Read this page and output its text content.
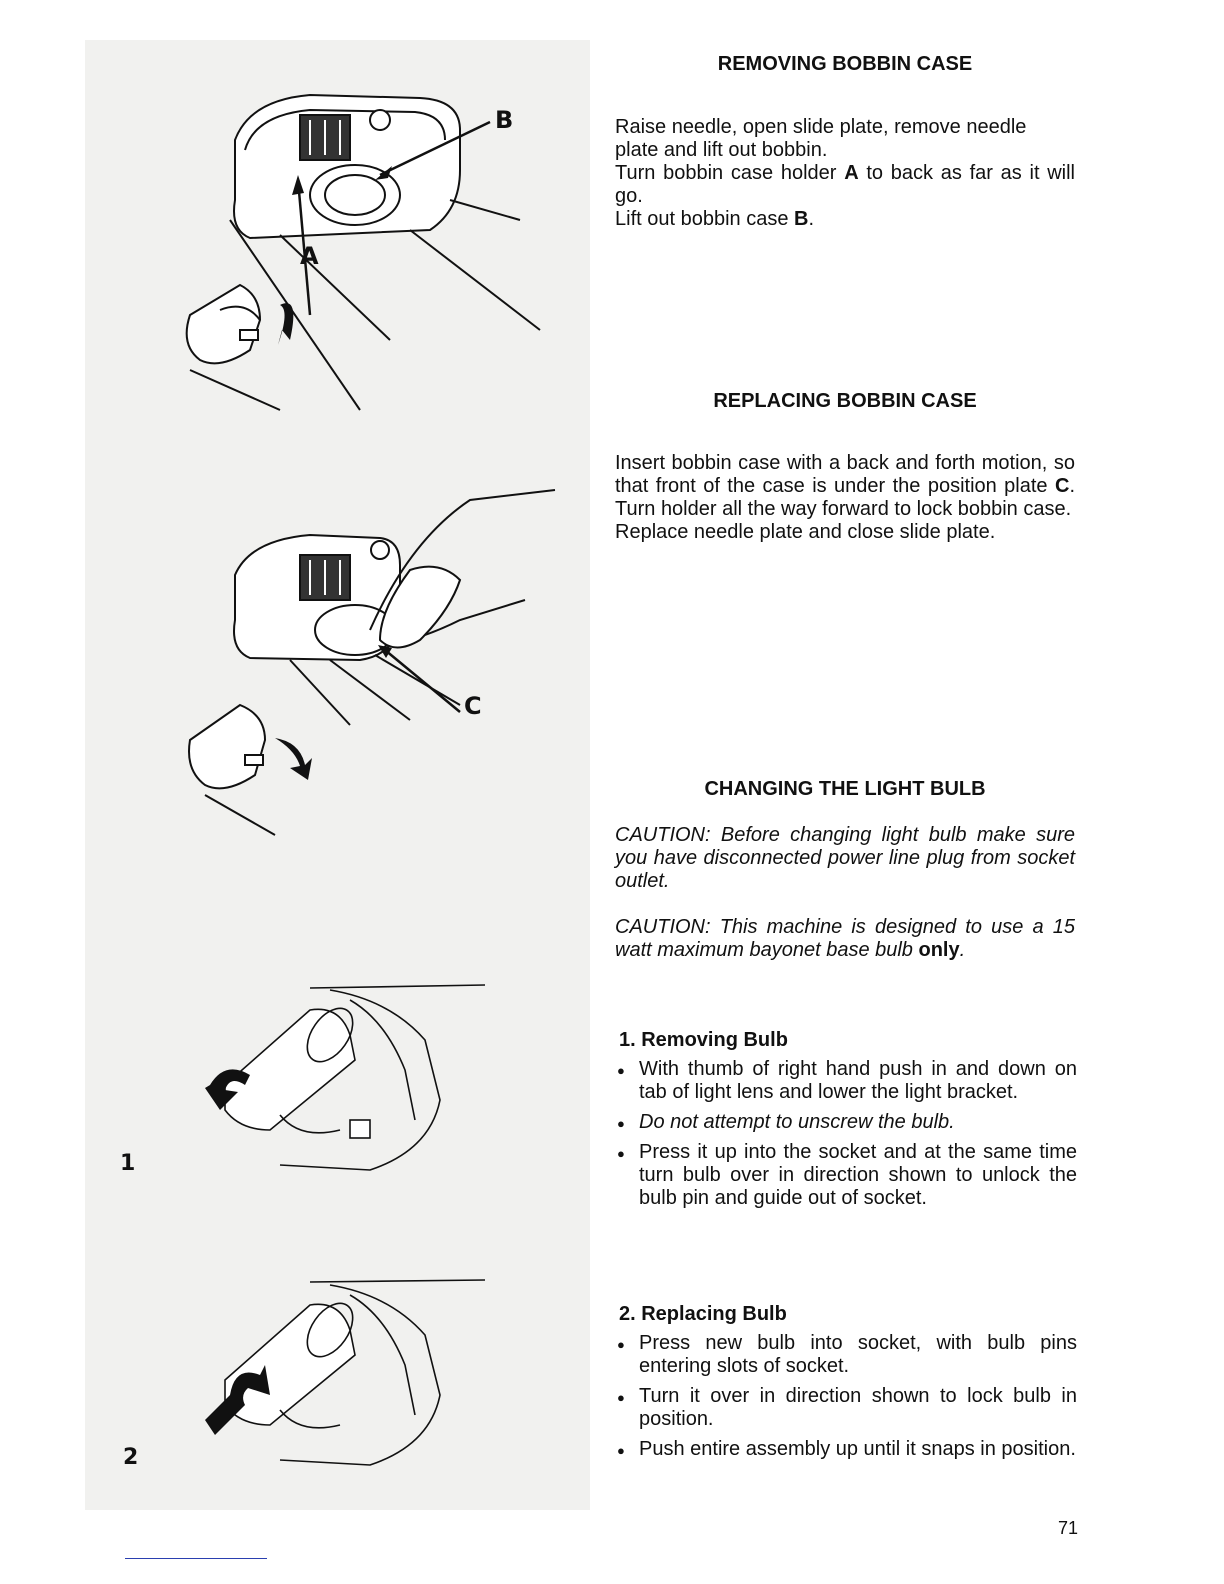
B
A
C
1
2
REMOVING BOBBIN CASE
Raise needle, open slide plate, remove needle plate and lift out bobbin.
Turn bobbin case holder A to back as far as it will go.
Lift out bobbin case B.
REPLACING BOBBIN CASE
Insert bobbin case with a back and forth motion, so that front of the case is under the position plate C. Turn holder all the way forward to lock bobbin case.
Replace needle plate and close slide plate.
CHANGING THE LIGHT BULB
CAUTION: Before changing light bulb make sure you have disconnected power line plug from socket outlet.
CAUTION: This machine is designed to use a 15 watt maximum bayonet base bulb only.
1. Removing Bulb
● With thumb of right hand push in and down on tab of light lens and lower the light bracket.
● Do not attempt to unscrew the bulb.
● Press it up into the socket and at the same time turn bulb over in direction shown to unlock the bulb pin and guide out of socket.
2. Replacing Bulb
● Press new bulb into socket, with bulb pins entering slots of socket.
● Turn it over in direction shown to lock bulb in position.
● Push entire assembly up until it snaps in position.
71
